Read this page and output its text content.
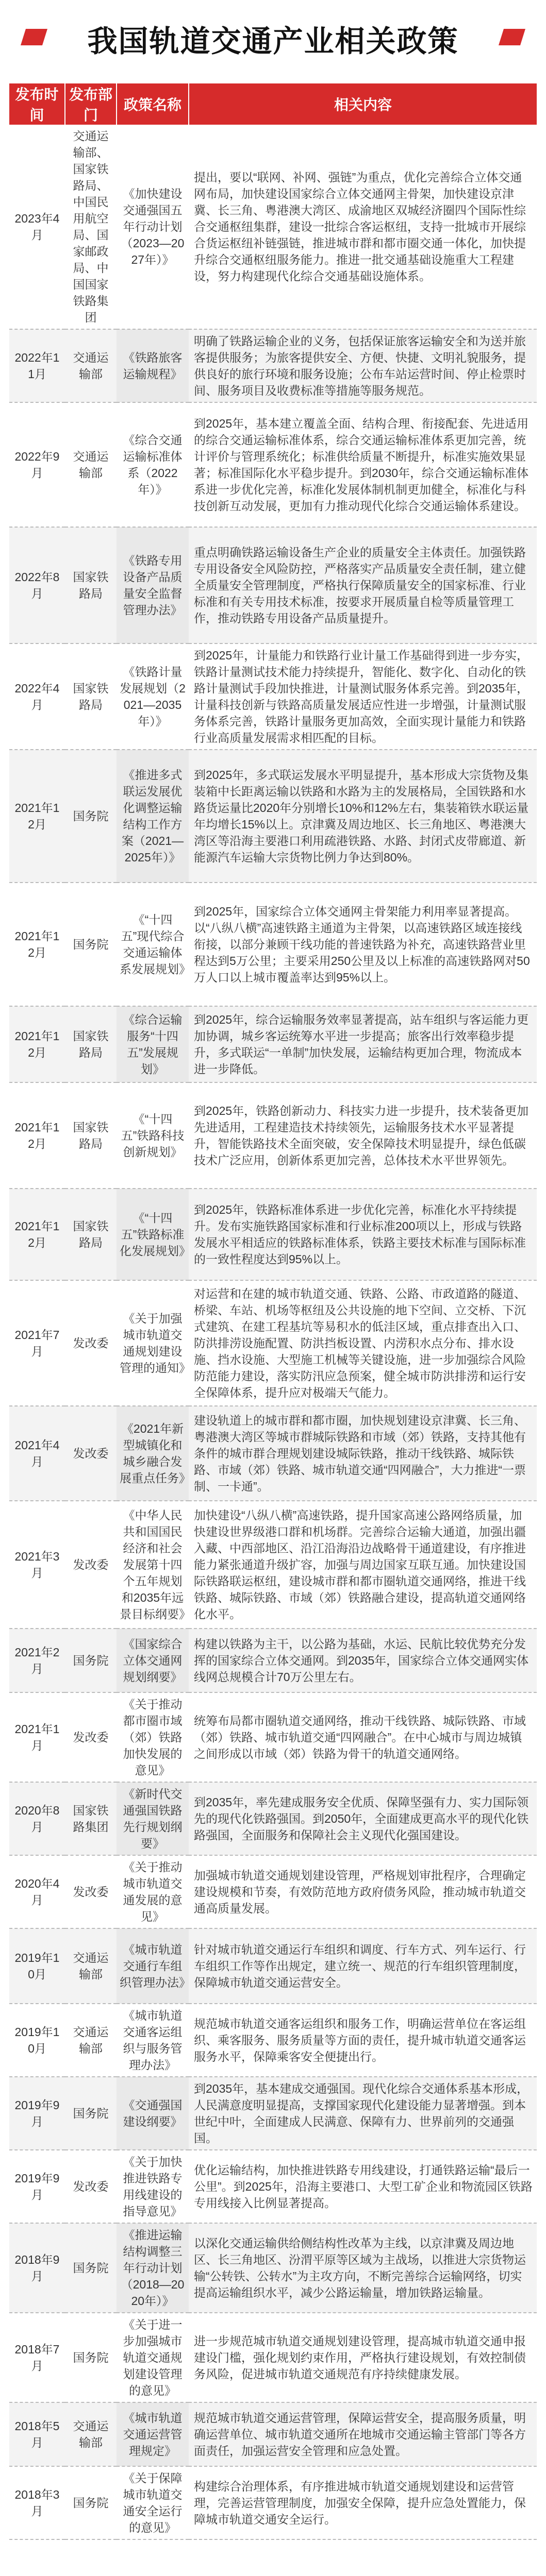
我国轨道交通产业相关政策
发布时间	发布部门	政策名称	相关内容
2023年4月	交通运输部、国家铁路局、中国民用航空局、国家邮政局、中国国家铁路集团	《加快建设交通强国五年行动计划（2023—2027年）》	提出，要以“联网、补网、强链”为重点，优化完善综合立体交通网布局，加快建设国家综合立体交通网主骨架，加快建设京津冀、长三角、粤港澳大湾区、成渝地区双城经济圈四个国际性综合交通枢纽集群，建设一批综合客运枢纽，支持一批城市开展综合货运枢纽补链强链，推进城市群和都市圈交通一体化，加快提升综合交通枢纽服务能力。推进一批交通基础设施重大工程建设，努力构建现代化综合交通基础设施体系。
2022年11月	交通运输部	《铁路旅客运输规程》	明确了铁路运输企业的义务，包括保证旅客运输安全和为送并旅客提供服务；为旅客提供安全、方便、快捷、文明礼貌服务，提供良好的旅行环境和服务设施；公布车站运营时间、停止检票时间、服务项目及收费标准等措施等服务规范。
2022年9月	交通运输部	《综合交通运输标准体系（2022年）》	到2025年，基本建立覆盖全面、结构合理、衔接配套、先进适用的综合交通运输标准体系，综合交通运输标准体系更加完善，统计评价与管理系统化；标准供给质量不断提升，标准实施效果显著；标准国际化水平稳步提升。到2030年，综合交通运输标准体系进一步优化完善，标准化发展体制机制更加健全，标准化与科技创新互动发展，更加有力推动现代化综合交通运输体系建设。
2022年8月	国家铁路局	《铁路专用设备产品质量安全监督管理办法》	重点明确铁路运输设备生产企业的质量安全主体责任。加强铁路专用设备安全风险防控，严格落实产品质量安全责任制，建立健全质量安全管理制度，严格执行保障质量安全的国家标准、行业标准和有关专用技术标准，按要求开展质量自检等质量管理工作，推动铁路专用设备产品质量提升。
2022年4月	国家铁路局	《铁路计量发展规划（2021—2035年）》	到2025年，计量能力和铁路行业计量工作基础得到进一步夯实，铁路计量测试技术能力持续提升，智能化、数字化、自动化的铁路计量测试手段加快推进，计量测试服务体系完善。到2035年，计量科技创新与铁路高质量发展适应性进一步增强，计量测试服务体系完善，铁路计量服务更加高效，全面实现计量能力和铁路行业高质量发展需求相匹配的目标。
2021年12月	国务院	《推进多式联运发展优化调整运输结构工作方案（2021—2025年）》	到2025年，多式联运发展水平明显提升，基本形成大宗货物及集装箱中长距离运输以铁路和水路为主的发展格局，全国铁路和水路货运量比2020年分别增长10%和12%左右，集装箱铁水联运量年均增长15%以上。京津冀及周边地区、长三角地区、粤港澳大湾区等沿海主要港口利用疏港铁路、水路、封闭式皮带廊道、新能源汽车运输大宗货物比例力争达到80%。
2021年12月	国务院	《“十四五”现代综合交通运输体系发展规划》	到2025年，国家综合立体交通网主骨架能力利用率显著提高。以“八纵八横”高速铁路主通道为主骨架，以高速铁路区域连接线衔接，以部分兼顾干线功能的普速铁路为补充，高速铁路营业里程达到5万公里；主要采用250公里及以上标准的高速铁路网对50万人口以上城市覆盖率达到95%以上。
2021年12月	国家铁路局	《综合运输服务“十四五”发展规划》	到2025年，综合运输服务效率显著提高，站车组织与客运能力更加协调，城乡客运统筹水平进一步提高；旅客出行效率稳步提升，多式联运“一单制”加快发展，运输结构更加合理，物流成本进一步降低。
2021年12月	国家铁路局	《“十四五”铁路科技创新规划》	到2025年，铁路创新动力、科技实力进一步提升，技术装备更加先进适用，工程建造技术持续领先，运输服务技术水平显著提升，智能铁路技术全面突破，安全保障技术明显提升，绿色低碳技术广泛应用，创新体系更加完善，总体技术水平世界领先。
2021年12月	国家铁路局	《“十四五”铁路标准化发展规划》	到2025年，铁路标准体系进一步优化完善，标准化水平持续提升。发布实施铁路国家标准和行业标准200项以上，形成与铁路发展水平相适应的铁路标准体系，铁路主要技术标准与国际标准的一致性程度达到95%以上。
2021年7月	发改委	《关于加强城市轨道交通规划建设管理的通知》	对运营和在建的城市轨道交通、铁路、公路、市政道路的隧道、桥梁、车站、机场等枢纽及公共设施的地下空间、立交桥、下沉式建筑、在建工程基坑等易积水的低洼区域，重点排查出入口、防洪排涝设施配置、防洪挡板设置、内涝积水点分布、排水设施、挡水设施、大型施工机械等关键设施，进一步加强综合风险防范能力建设，落实防汛应急预案，健全城市防洪排涝和运行安全保障体系，提升应对极端天气能力。
2021年4月	发改委	《2021年新型城镇化和城乡融合发展重点任务》	建设轨道上的城市群和都市圈，加快规划建设京津冀、长三角、粤港澳大湾区等城市群城际铁路和市域（郊）铁路，支持其他有条件的城市群合理规划建设城际铁路，推动干线铁路、城际铁路、市域（郊）铁路、城市轨道交通“四网融合”，大力推进“一票制、一卡通”。
2021年3月	发改委	《中华人民共和国国民经济和社会发展第十四个五年规划和2035年远景目标纲要》	加快建设“八纵八横”高速铁路，提升国家高速公路网络质量，加快建设世界级港口群和机场群。完善综合运输大通道，加强出疆入藏、中西部地区、沿江沿海沿边战略骨干通道建设，有序推进能力紧张通道升级扩容，加强与周边国家互联互通。加快建设国际铁路联运枢纽，建设城市群和都市圈轨道交通网络，推进干线铁路、城际铁路、市域（郊）铁路融合建设，提高轨道交通网络化水平。
2021年2月	国务院	《国家综合立体交通网规划纲要》	构建以铁路为主干，以公路为基础，水运、民航比较优势充分发挥的国家综合立体交通网。到2035年，国家综合立体交通网实体线网总规模合计70万公里左右。
2021年1月	发改委	《关于推动都市圈市域（郊）铁路加快发展的意见》	统筹布局都市圈轨道交通网络，推动干线铁路、城际铁路、市域（郊）铁路、城市轨道交通“四网融合”。在中心城市与周边城镇之间形成以市域（郊）铁路为骨干的轨道交通网络。
2020年8月	国家铁路集团	《新时代交通强国铁路先行规划纲要》	到2035年，率先建成服务安全优质、保障坚强有力、实力国际领先的现代化铁路强国。到2050年，全面建成更高水平的现代化铁路强国，全面服务和保障社会主义现代化强国建设。
2020年4月	发改委	《关于推动城市轨道交通发展的意见》	加强城市轨道交通规划建设管理，严格规划审批程序，合理确定建设规模和节奏，有效防范地方政府债务风险，推动城市轨道交通高质量发展。
2019年10月	交通运输部	《城市轨道交通行车组织管理办法》	针对城市轨道交通运行车组织和调度、行车方式、列车运行、行车组织工作等作出规定，建立统一、规范的行车组织管理制度，保障城市轨道交通运营安全。
2019年10月	交通运输部	《城市轨道交通客运组织与服务管理办法》	规范城市轨道交通客运组织和服务工作，明确运营单位在客运组织、乘客服务、服务质量等方面的责任，提升城市轨道交通客运服务水平，保障乘客安全便捷出行。
2019年9月	国务院	《交通强国建设纲要》	到2035年，基本建成交通强国。现代化综合交通体系基本形成，人民满意度明显提高，支撑国家现代化建设能力显著增强。到本世纪中叶，全面建成人民满意、保障有力、世界前列的交通强国。
2019年9月	发改委	《关于加快推进铁路专用线建设的指导意见》	优化运输结构，加快推进铁路专用线建设，打通铁路运输“最后一公里”。到2025年，沿海主要港口、大型工矿企业和物流园区铁路专用线接入比例显著提高。
2018年9月	国务院	《推进运输结构调整三年行动计划（2018—2020年）》	以深化交通运输供给侧结构性改革为主线，以京津冀及周边地区、长三角地区、汾渭平原等区域为主战场，以推进大宗货物运输“公转铁、公转水”为主攻方向，不断完善综合运输网络，切实提高运输组织水平，减少公路运输量，增加铁路运输量。
2018年7月	国务院	《关于进一步加强城市轨道交通规划建设管理的意见》	进一步规范城市轨道交通规划建设管理，提高城市轨道交通申报建设门槛，强化规划约束作用，严格执行建设规划，有效控制债务风险，促进城市轨道交通规范有序持续健康发展。
2018年5月	交通运输部	《城市轨道交通运营管理规定》	规范城市轨道交通运营管理，保障运营安全，提高服务质量，明确运营单位、城市轨道交通所在地城市交通运输主管部门等各方面责任，加强运营安全管理和应急处置。
2018年3月	国务院	《关于保障城市轨道交通安全运行的意见》	构建综合治理体系，有序推进城市轨道交通规划建设和运营管理，完善运营管理制度，加强安全保障，提升应急处置能力，保障城市轨道交通安全运行。
